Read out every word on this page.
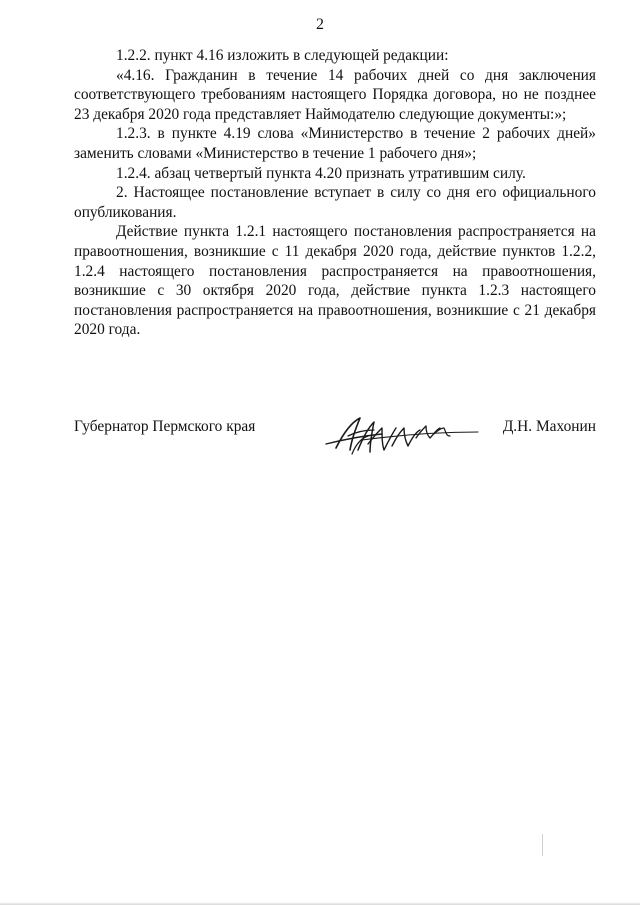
2

1.2.2. пункт 4.16 изложить в следующей редакции:

«4.16. Гражданин в течение 14 рабочих дней со дня заключения соответствующего требованиям настоящего Порядка договора, но не позднее 23 декабря 2020 года представляет Наймодателю следующие документы:»;

1.2.3. в пункте 4.19 слова «Министерство в течение 2 рабочих дней» заменить словами «Министерство в течение 1 рабочего дня»;

1.2.4. абзац четвертый пункта 4.20 признать утратившим силу.

2. Настоящее постановление вступает в силу со дня его официального опубликования.

Действие пункта 1.2.1 настоящего постановления распространяется на правоотношения, возникшие с 11 декабря 2020 года, действие пунктов 1.2.2, 1.2.4 настоящего постановления распространяется на правоотношения, возникшие с 30 октября 2020 года, действие пункта 1.2.3 настоящего постановления распространяется на правоотношения, возникшие с 21 декабря 2020 года.

Губернатор Пермского края	Д.Н. Махонин
